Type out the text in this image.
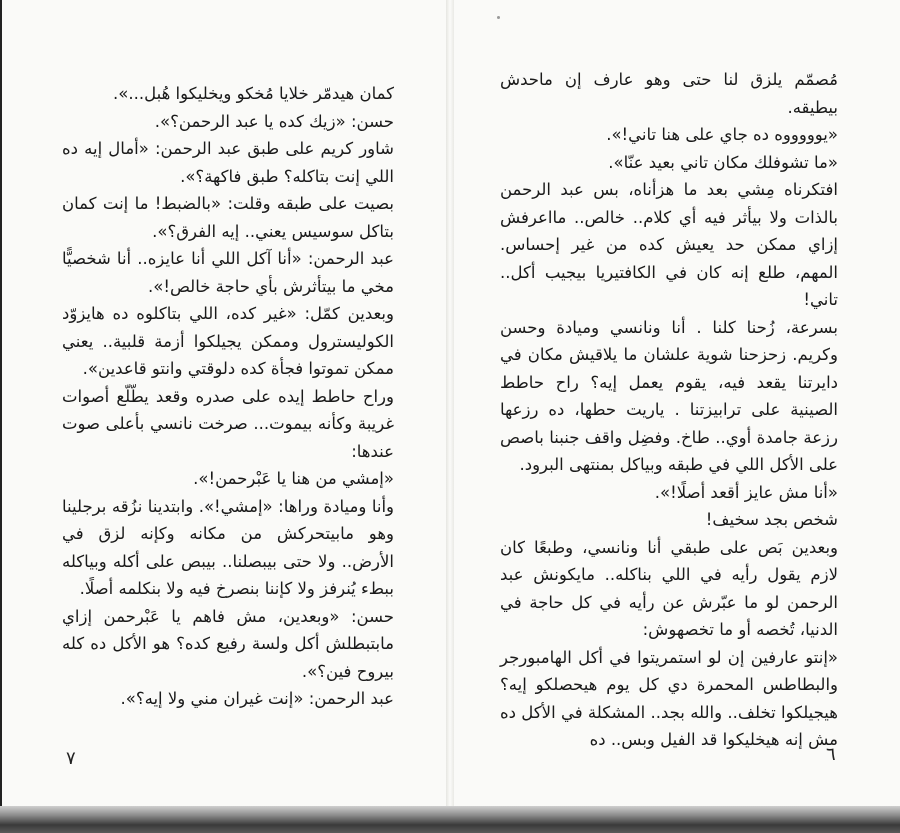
كمان هيدمّر خلايا مُخكو ويخليكوا هُبل...».

حسن: «زيك كده يا عبد الرحمن؟».

شاور كريم على طبق عبد الرحمن: «أمال إيه ده اللي إنت بتاكله؟ طبق فاكهة؟».

بصيت على طبقه وقلت: «بالضبط! ما إنت كمان بتاكل سوسيس يعني.. إيه الفرق؟».

عبد الرحمن: «أنا آكل اللي أنا عايزه.. أنا شخصيًّا مخي ما بيتأثرش بأي حاجة خالص!».

وبعدين كمّل: «غير كده، اللي بتاكلوه ده هايزوّد الكوليسترول وممكن يجيلكوا أزمة قلبية.. يعني ممكن تموتوا فجأة كده دلوقتي وانتو قاعدين».

وراح حاطط إيده على صدره وقعد يطّلّع أصوات غريبة وكأنه بيموت... صرخت نانسي بأعلى صوت عندها:

«إمشي من هنا يا عَبْرحمن!».

وأنا وميادة وراها: «إمشي!». وابتدينا نزُقه برجلينا وهو مابيتحركش من مكانه وكإنه لزق في الأرض.. ولا حتى بيبصلنا.. بيبص على أكله وبياكله ببطء يُنرفز ولا كإننا بنصرخ فيه ولا بنكلمه أصلًا.

حسن: «وبعدين، مش فاهم يا عَبْرحمن إزاي مابتبطلش أكل ولسة رفيع كده؟ هو الأكل ده كله بيروح فين؟».

عبد الرحمن: «إنت غيران مني ولا إيه؟».

مُصمّم يلزق لنا حتى وهو عارف إن ماحدش بيطيقه.

«يوووووه ده جاي على هنا تاني!».

«ما تشوفلك مكان تاني بعيد عنّا».

افتكرناه مِشي بعد ما هزأناه، بس عبد الرحمن بالذات ولا بيأثر فيه أي كلام.. خالص.. مااعرفش إزاي ممكن حد يعيش كده من غير إحساس. المهم، طلع إنه كان في الكافتيريا بيجيب أكل.. تاني!

بسرعة، زُحنا كلنا . أنا ونانسي وميادة وحسن وكريم. زحزحنا شوية علشان ما يلاقيش مكان في دايرتنا يقعد فيه، يقوم يعمل إيه؟ راح حاطط الصينية على ترابيزتنا . ياريت حطها، ده رزعها رزعة جامدة أوي.. طاخ. وفضِل واقف جنبنا باصص على الأكل اللي في طبقه وبياكل بمنتهى البرود.

«أنا مش عايز أقعد أصلًا!».

شخص بجد سخيف!

وبعدين بَص على طبقي أنا ونانسي، وطبعًا كان لازم يقول رأيه في اللي بناكله.. مايكونش عبد الرحمن لو ما عبّرش عن رأيه في كل حاجة في الدنيا، تُخصه أو ما تخصهوش:

«إنتو عارفين إن لو استمريتوا في أكل الهامبورجر والبطاطس المحمرة دي كل يوم هيحصلكو إيه؟ هيجيلكوا تخلف.. والله بجد.. المشكلة في الأكل ده مش إنه هيخليكوا قد الفيل وبس.. ده

٧	٦
